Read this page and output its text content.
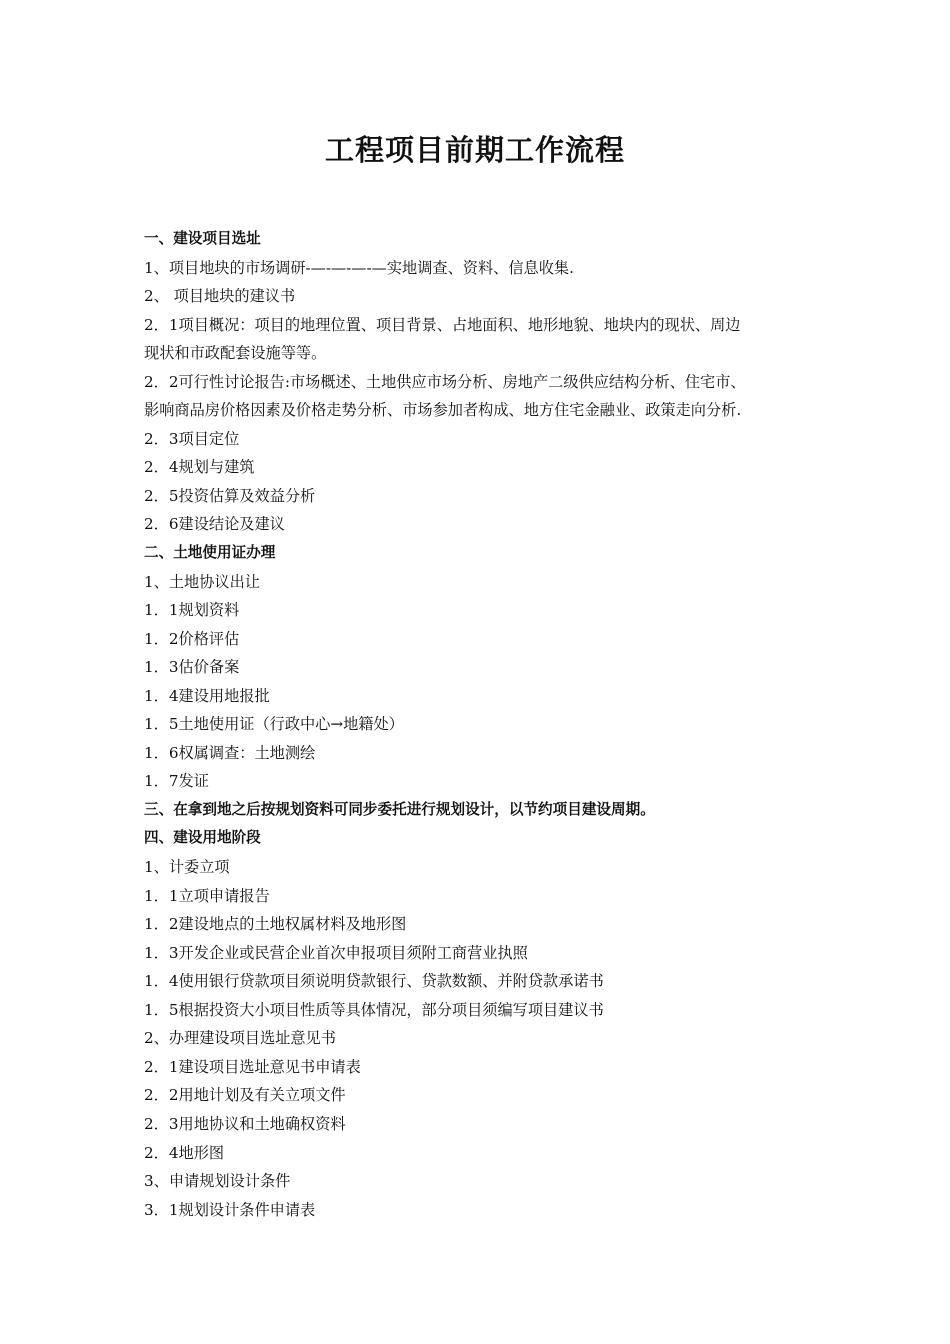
工程项目前期工作流程
一、建设项目选址
1、项目地块的市场调研-—-—-—-—实地调查、资料、信息收集.
2、 项目地块的建议书
2．1项目概况：项目的地理位置、项目背景、占地面积、地形地貌、地块内的现状、周边
现状和市政配套设施等等。
2．2可行性讨论报告:市场概述、土地供应市场分析、房地产二级供应结构分析、住宅市、
影响商品房价格因素及价格走势分析、市场参加者构成、地方住宅金融业、政策走向分析.
2．3项目定位
2．4规划与建筑
2．5投资估算及效益分析
2．6建设结论及建议
二、土地使用证办理
1、土地协议出让
1．1规划资料
1．2价格评估
1．3估价备案
1．4建设用地报批
1．5土地使用证（行政中心→地籍处）
1．6权属调查：土地测绘
1．7发证
三、在拿到地之后按规划资料可同步委托进行规划设计，以节约项目建设周期。
四、建设用地阶段
1、计委立项
1．1立项申请报告
1．2建设地点的土地权属材料及地形图
1．3开发企业或民营企业首次申报项目须附工商营业执照
1．4使用银行贷款项目须说明贷款银行、贷款数额、并附贷款承诺书
1．5根据投资大小项目性质等具体情况，部分项目须编写项目建议书
2、办理建设项目选址意见书
2．1建设项目选址意见书申请表
2．2用地计划及有关立项文件
2．3用地协议和土地确权资料
2．4地形图
3、申请规划设计条件
3．1规划设计条件申请表
